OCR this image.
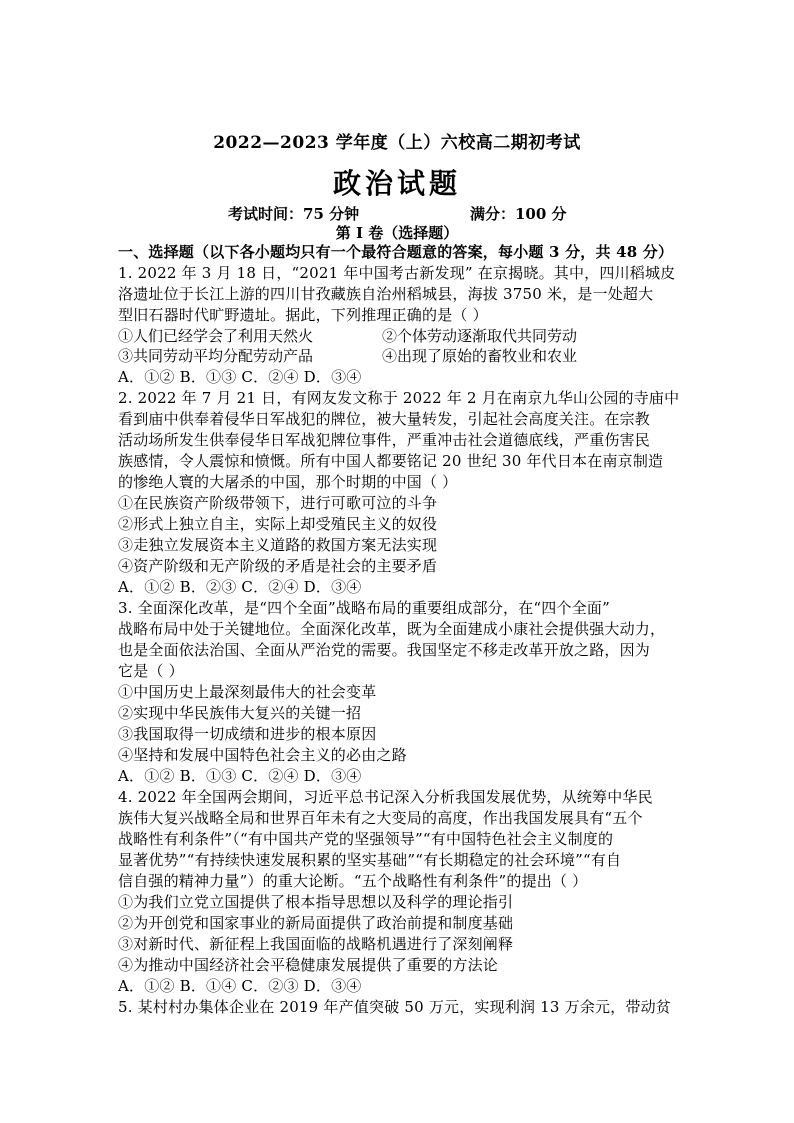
2022—2023 学年度（上）六校高二期初考试
政治试题
考试时间：75 分钟	满分：100 分
第 I 卷（选择题）
一、选择题（以下各小题均只有一个最符合题意的答案，每小题 3 分，共 48 分）
1. 2022 年 3 月 18 日，“2021 年中国考古新发现” 在京揭晓。其中，四川稻城皮
洛遗址位于长江上游的四川甘孜藏族自治州稻城县，海拔 3750 米，是一处超大
型旧石器时代旷野遗址。据此，下列推理正确的是（ ）
①人们已经学会了利用天然火	②个体劳动逐渐取代共同劳动
③共同劳动平均分配劳动产品	④出现了原始的畜牧业和农业
A．①② B．①③ C．②④ D．③④
2. 2022 年 7 月 21 日，有网友发文称于 2022 年 2 月在南京九华山公园的寺庙中
看到庙中供奉着侵华日军战犯的牌位，被大量转发，引起社会高度关注。在宗教
活动场所发生供奉侵华日军战犯牌位事件，严重冲击社会道德底线，严重伤害民
族感情，令人震惊和愤慨。所有中国人都要铭记 20 世纪 30 年代日本在南京制造
的惨绝人寰的大屠杀的中国，那个时期的中国（ ）
①在民族资产阶级带领下，进行可歌可泣的斗争
②形式上独立自主，实际上却受殖民主义的奴役
③走独立发展资本主义道路的救国方案无法实现
④资产阶级和无产阶级的矛盾是社会的主要矛盾
A．①② B．②③ C．②④ D．③④
3. 全面深化改革，是“四个全面”战略布局的重要组成部分，在“四个全面”
战略布局中处于关键地位。全面深化改革，既为全面建成小康社会提供强大动力，
也是全面依法治国、全面从严治党的需要。我国坚定不移走改革开放之路，因为
它是（ ）
①中国历史上最深刻最伟大的社会变革
②实现中华民族伟大复兴的关键一招
③我国取得一切成绩和进步的根本原因
④坚持和发展中国特色社会主义的必由之路
A．①② B．①③ C．②④ D．③④
4. 2022 年全国两会期间，习近平总书记深入分析我国发展优势，从统筹中华民
族伟大复兴战略全局和世界百年未有之大变局的高度，作出我国发展具有“五个
战略性有利条件”（“有中国共产党的坚强领导”“有中国特色社会主义制度的
显著优势”“有持续快速发展积累的坚实基础”“有长期稳定的社会环境”“有自
信自强的精神力量”）的重大论断。“五个战略性有利条件”的提出（ ）
①为我们立党立国提供了根本指导思想以及科学的理论指引
②为开创党和国家事业的新局面提供了政治前提和制度基础
③对新时代、新征程上我国面临的战略机遇进行了深刻阐释
④为推动中国经济社会平稳健康发展提供了重要的方法论
A．①② B．①④ C．②③ D．③④
5. 某村村办集体企业在 2019 年产值突破 50 万元，实现利润 13 万余元，带动贫
